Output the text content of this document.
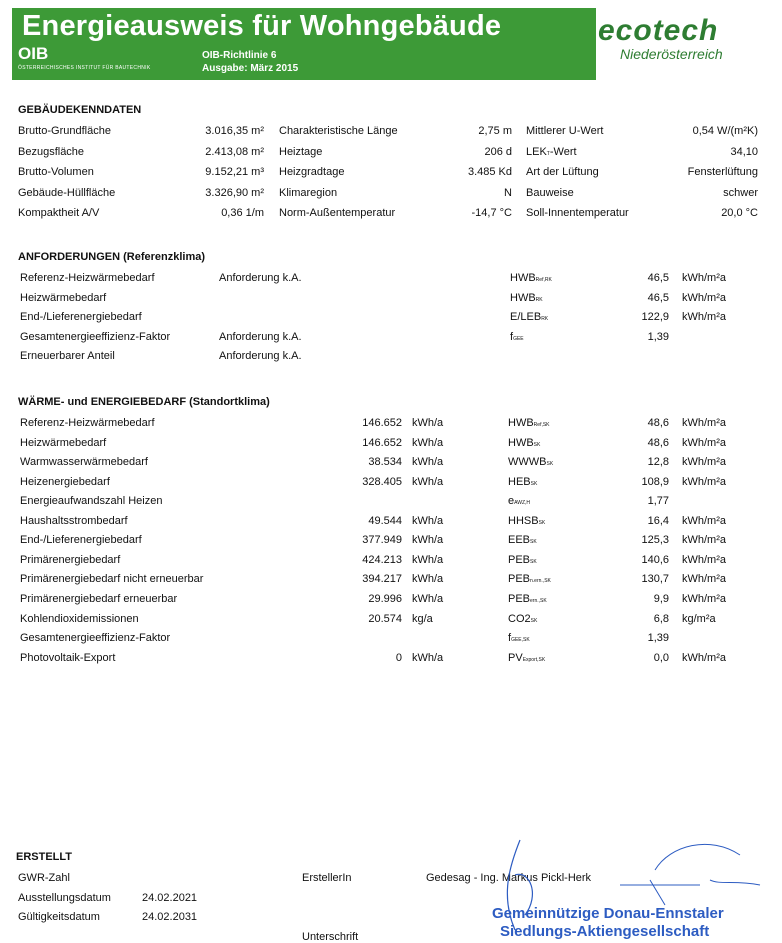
Energieausweis für Wohngebäude
OIB
ÖSTERREICHISCHES INSTITUT FÜR BAUTECHNIK
OIB-Richtlinie 6
Ausgabe: März 2015
ecotech
Niederösterreich
GEBÄUDEKENNDATEN
Brutto-Grundfläche	3.016,35 m² Charakteristische Länge	2,75 m Mittlerer U-Wert	0,54 W/(m²K)
Bezugsfläche	2.413,08 m² Heiztage	206 d LEKT-Wert	34,10
Brutto-Volumen	9.152,21 m³ Heizgradtage	3.485 Kd Art der Lüftung	Fensterlüftung
Gebäude-Hüllfläche	3.326,90 m² Klimaregion	N Bauweise	schwer
Kompaktheit A/V	0,36 1/m Norm-Außentemperatur	-14,7 °C Soll-Innentemperatur	20,0 °C
ANFORDERUNGEN (Referenzklima)
Referenz-Heizwärmebedarf	Anforderung k.A.	HWBRef,RK	46,5 kWh/m²a
Heizwärmebedarf	HWBRK	46,5 kWh/m²a
End-/Lieferenergiebedarf	E/LEBRK	122,9 kWh/m²a
Gesamtenergieeffizienz-Faktor	Anforderung k.A.	fGEE	1,39
Erneuerbarer Anteil	Anforderung k.A.
WÄRME- und ENERGIEBEDARF (Standortklima)
Referenz-Heizwärmebedarf	146.652 kWh/a	HWBRef,SK	48,6 kWh/m²a
Heizwärmebedarf	146.652 kWh/a	HWBSK	48,6 kWh/m²a
Warmwasserwärmebedarf	38.534 kWh/a	WWWBSK	12,8 kWh/m²a
Heizenergiebedarf	328.405 kWh/a	HEBSK	108,9 kWh/m²a
Energieaufwandszahl Heizen	eAWZ,H	1,77
Haushaltsstrombedarf	49.544 kWh/a	HHSBSK	16,4 kWh/m²a
End-/Lieferenergiebedarf	377.949 kWh/a	EEBSK	125,3 kWh/m²a
Primärenergiebedarf	424.213 kWh/a	PEBSK	140,6 kWh/m²a
Primärenergiebedarf nicht erneuerbar	394.217 kWh/a	PEBn.ern.,SK	130,7 kWh/m²a
Primärenergiebedarf erneuerbar	29.996 kWh/a	PEBern.,SK	9,9 kWh/m²a
Kohlendioxidemissionen	20.574 kg/a	CO2SK	6,8 kg/m²a
Gesamtenergieeffizienz-Faktor	fGEE,SK	1,39
Photovoltaik-Export	0 kWh/a	PVExport,SK	0,0 kWh/m²a
ERSTELLT
GWR-Zahl
Ausstellungsdatum	24.02.2021
Gültigkeitsdatum	24.02.2031
ErstellerIn	Gedesag - Ing. Markus Pickl-Herk
Unterschrift
Gemeinnützige Donau-Ennstaler
Siedlungs-Aktiengesellschaft
